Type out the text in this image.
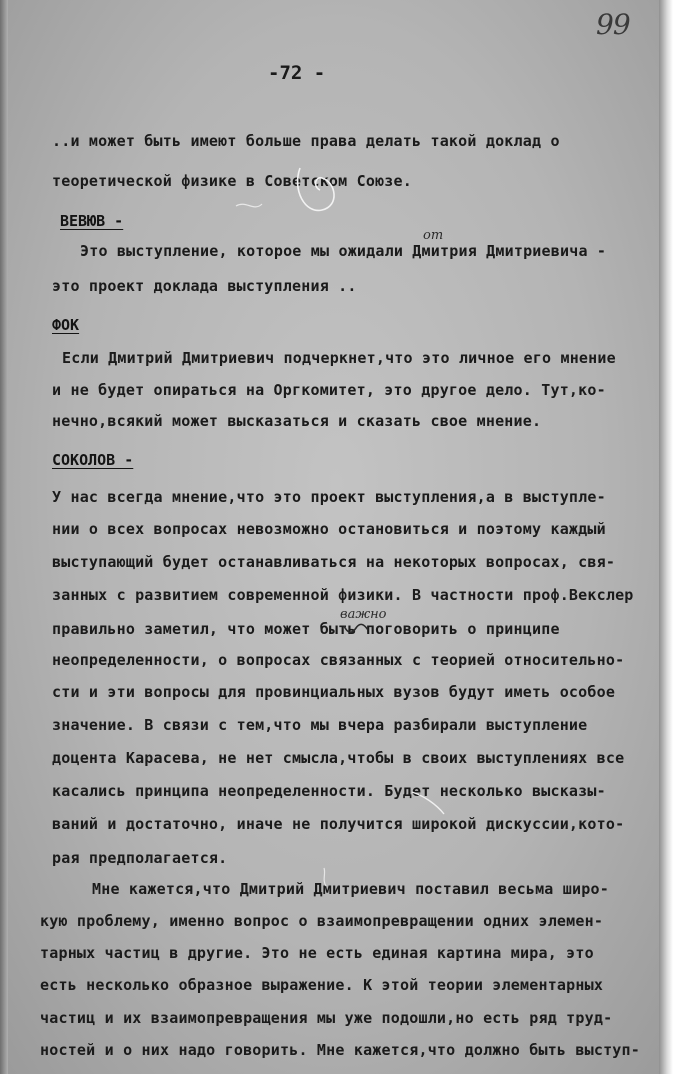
99
-72 -
..и может быть имеют больше права делать такой доклад о
теоретической физике в Советском Союзе.
ВЕВЮВ -
Это выступление, которое мы ожидали Дмитрия Дмитриевича -
от
это проект доклада выступления ..
ФОК
Если Дмитрий Дмитриевич подчеркнет,что это личное его мнение
и не будет опираться на Оргкомитет, это другое дело. Тут,ко-
нечно,всякий может высказаться и сказать свое мнение.
СОКОЛОВ -
У нас всегда мнение,что это проект выступления,а в выступле-
нии о всех вопросах невозможно остановиться и поэтому каждый
выступающий будет останавливаться на некоторых вопросах, свя-
занных с развитием современной физики. В частности проф.Векслер
важно
правильно заметил, что может быть поговорить о принципе
неопределенности, о вопросах связанных с теорией относительно-
сти и эти вопросы для провинциальных вузов будут иметь особое
значение. В связи с тем,что мы вчера разбирали выступление
доцента Карасева, не нет смысла,чтобы в своих выступлениях все
касались принципа неопределенности. Будет несколько высказы-
ваний и достаточно, иначе не получится широкой дискуссии,кото-
рая предполагается.
Мне кажется,что Дмитрий Дмитриевич поставил весьма широ-
кую проблему, именно вопрос о взаимопревращении одних элемен-
тарных частиц в другие. Это не есть единая картина мира, это
есть несколько образное выражение. К этой теории элементарных
частиц и их взаимопревращения мы уже подошли,но есть ряд труд-
ностей и о них надо говорить. Мне кажется,что должно быть выступ-
